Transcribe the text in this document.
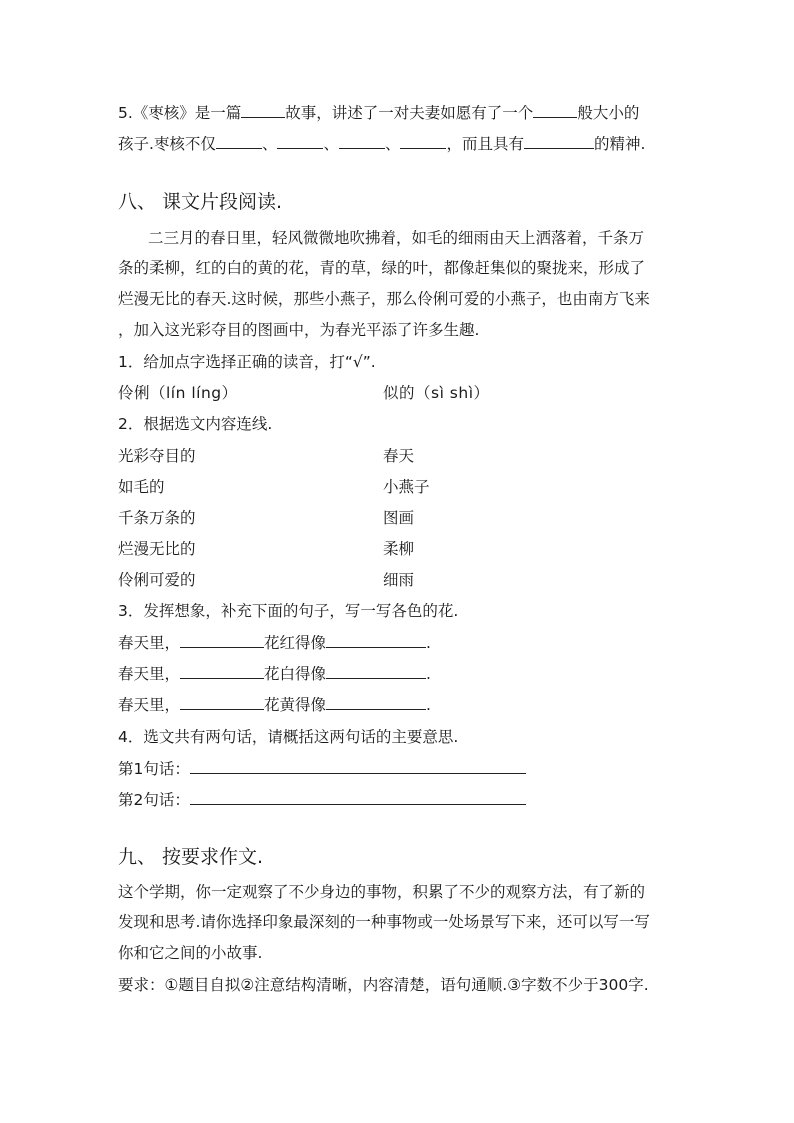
5.《枣核》是一篇	故事，讲述了一对夫妻如愿有了一个	般大小的
孩子.枣核不仅	、	、	、	，而且具有	的精神.
八、 课文片段阅读.
二三月的春日里，轻风微微地吹拂着，如毛的细雨由天上洒落着，千条万
条的柔柳，红的白的黄的花，青的草，绿的叶，都像赶集似的聚拢来，形成了
烂漫无比的春天.这时候，那些小燕子，那么伶俐可爱的小燕子，也由南方飞来
，加入这光彩夺目的图画中，为春光平添了许多生趣.
1．给加点字选择正确的读音，打“√”.
伶俐（lín líng）	似的（sì shì）
2．根据选文内容连线.
光彩夺目的	春天
如毛的	小燕子
千条万条的	图画
烂漫无比的	柔柳
伶俐可爱的	细雨
3．发挥想象，补充下面的句子，写一写各色的花.
春天里，	花红得像	.
春天里，	花白得像	.
春天里，	花黄得像	.
4．选文共有两句话，请概括这两句话的主要意思.
第1句话：
第2句话：
九、 按要求作文.
这个学期，你一定观察了不少身边的事物，积累了不少的观察方法，有了新的
发现和思考.请你选择印象最深刻的一种事物或一处场景写下来，还可以写一写
你和它之间的小故事.
要求：①题目自拟②注意结构清晰，内容清楚，语句通顺.③字数不少于300字.
